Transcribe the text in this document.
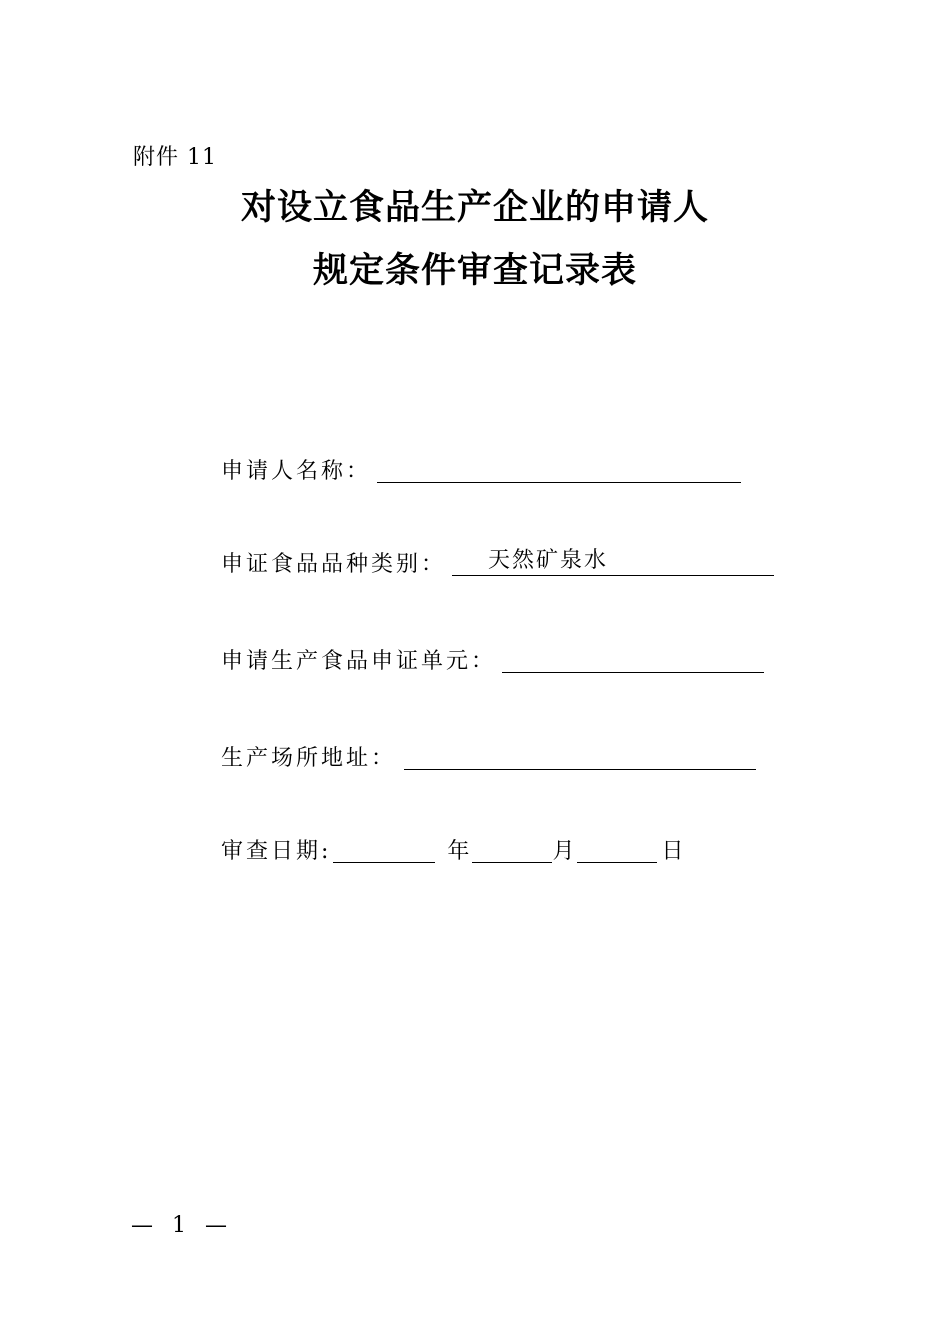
附件 11
对设立食品生产企业的申请人
规定条件审查记录表
申请人名称：
申证食品品种类别：	天然矿泉水
申请生产食品申证单元：
生产场所地址：
审查日期:	年	月	日
— 1 —
